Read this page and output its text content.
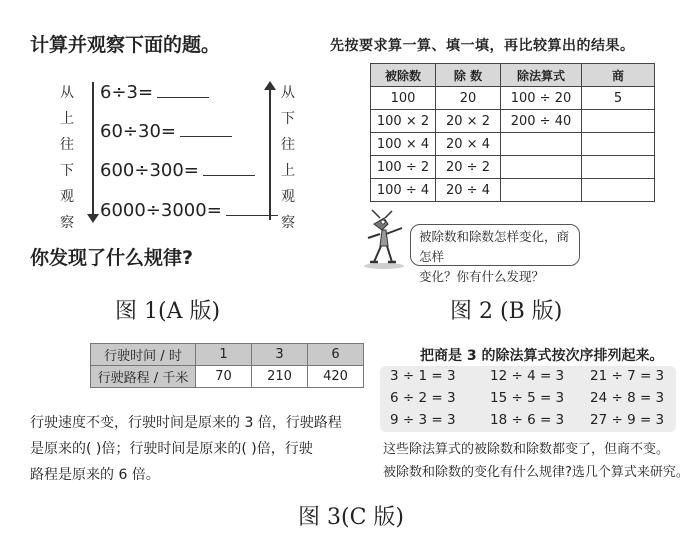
计算并观察下面的题。
从上往下观察
6÷3=
60÷30=
600÷300=
6000÷3000=
从下往上观察
你发现了什么规律?
图 1(A 版)
先按要求算一算、填一填，再比较算出的结果。
被除数	除 数	除法算式	商
100	20	100 ÷ 20	5
100 × 2	20 × 2	200 ÷ 40	
100 × 4	20 × 4		
100 ÷ 2	20 ÷ 2		
100 ÷ 4	20 ÷ 4		
被除数和除数怎样变化，商怎样
变化？你有什么发现？
图 2 (B 版)
行驶时间 / 时	1	3	6
行驶路程 / 千米	70	210	420
行驶速度不变，行驶时间是原来的 3 倍，行驶路程
是原来的( )倍；行驶时间是原来的( )倍，行驶
路程是原来的 6 倍。
把商是 3 的除法算式按次序排列起来。
3 ÷ 1 = 3	12 ÷ 4 = 3 21 ÷ 7 = 3
6 ÷ 2 = 3	15 ÷ 5 = 3 24 ÷ 8 = 3
9 ÷ 3 = 3	18 ÷ 6 = 3 27 ÷ 9 = 3
这些除法算式的被除数和除数都变了，但商不变。
被除数和除数的变化有什么规律?选几个算式来研究。
图 3(C 版)
